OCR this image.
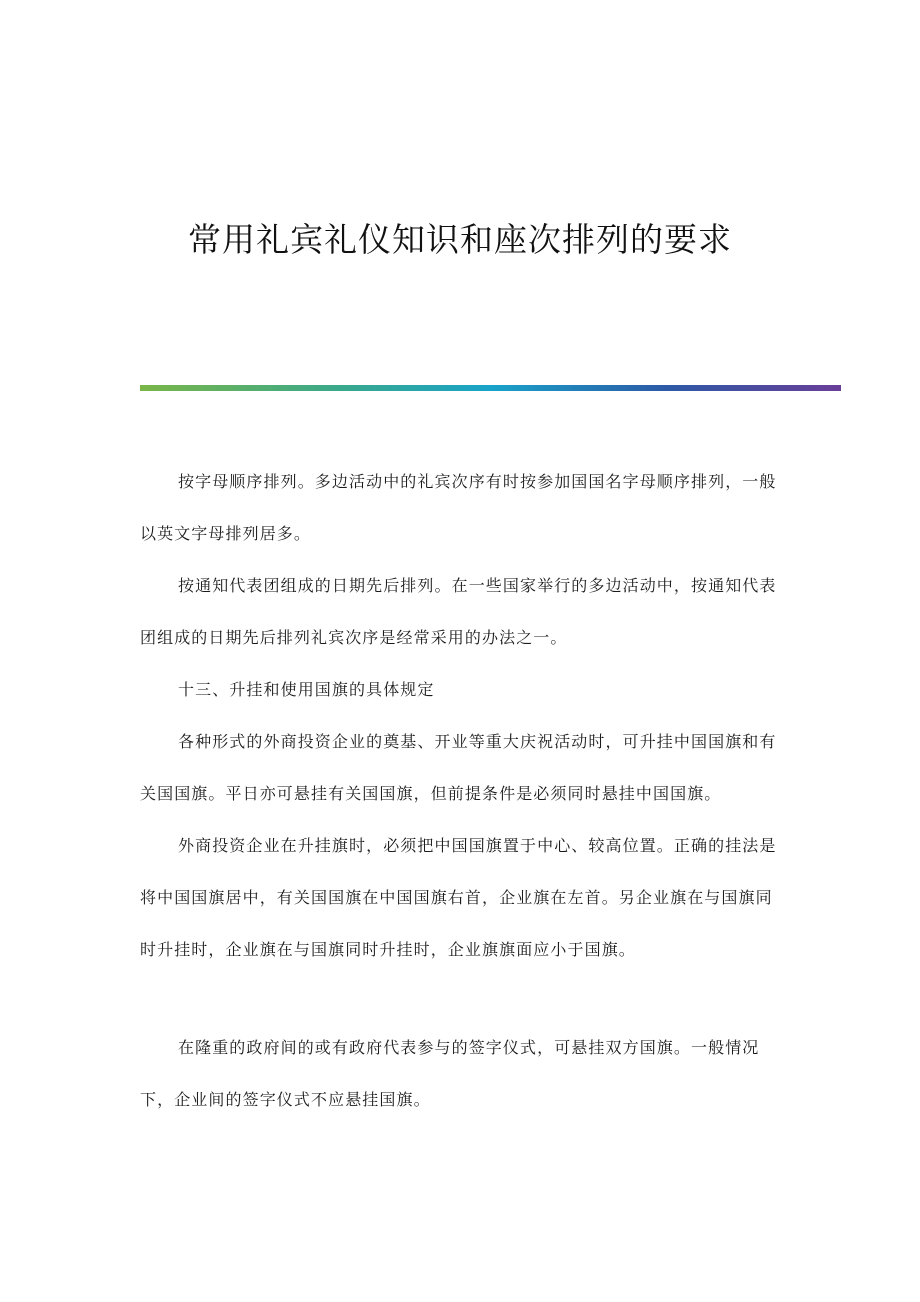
常用礼宾礼仪知识和座次排列的要求

按字母顺序排列。多边活动中的礼宾次序有时按参加国国名字母顺序排列，一般以英文字母排列居多。

按通知代表团组成的日期先后排列。在一些国家举行的多边活动中，按通知代表团组成的日期先后排列礼宾次序是经常采用的办法之一。

十三、升挂和使用国旗的具体规定

各种形式的外商投资企业的奠基、开业等重大庆祝活动时，可升挂中国国旗和有关国国旗。平日亦可悬挂有关国国旗，但前提条件是必须同时悬挂中国国旗。

外商投资企业在升挂旗时，必须把中国国旗置于中心、较高位置。正确的挂法是将中国国旗居中，有关国国旗在中国国旗右首，企业旗在左首。另企业旗在与国旗同时升挂时，企业旗在与国旗同时升挂时，企业旗旗面应小于国旗。

在隆重的政府间的或有政府代表参与的签字仪式，可悬挂双方国旗。一般情况下，企业间的签字仪式不应悬挂国旗。
